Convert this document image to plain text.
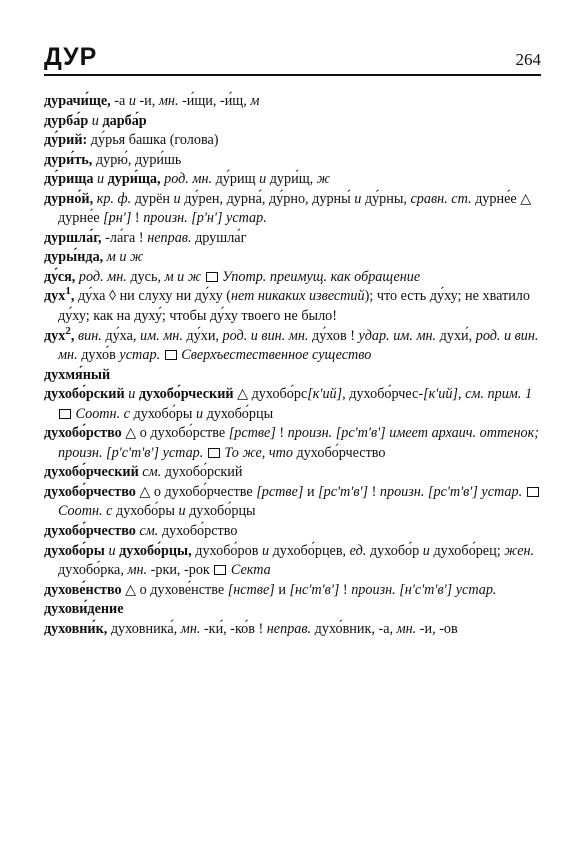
ДУР	264

дурачи́ще, -а и -и, мн. -и́щи, -и́щ, м

дурба́р и дарба́р

ду́рий: ду́рья башка (голова)

дури́ть, дурю́, дури́шь

ду́рища и дури́ща, род. мн. ду́рищ и дури́щ, ж

дурно́й, кр. ф. дурён и ду́рен, дурна́, ду́рно, дурны́ и ду́рны, сравн. ст. дурне́е △ дурне́е [рн'] ! произн. [р'н'] устар.

дуршла́г, -ла́га ! неправ. друшла́г

дуры́нда, м и ж

ду́ся, род. мн. дусь, м и ж Употр. преимущ. как обращение

дух$^1$, ду́ха ◊ ни слуху ни ду́ху (нет никаких известий); что есть ду́ху; не хватило ду́ху; как на духу́; чтобы ду́ху твоего не было!

дух$^2$, вин. ду́ха, им. мн. ду́хи, род. и вин. мн. ду́хов ! удар. им. мн. духи́, род. и вин. мн. духо́в устар. Сверхъестественное существо

духмя́ный

духобо́рский и духобо́рческий △ духобо́рс[к'ий], духобо́рчес-[к'ий], см. прим. 1  Соотн. с духобо́ры и духобо́рцы

духобо́рство △ о духобо́рстве [рстве] ! произн. [рс'т'в'] имеет архаич. оттенок; произн. [р'с'т'в'] устар. То же, что духобо́рчество

духобо́рческий см. духобо́рский

духобо́рчество △ о духобо́рчестве [рстве] и [рс'т'в'] ! произн. [рс'т'в'] устар.  Соотн. с духобо́ры и духобо́рцы

духобо́рчество см. духобо́рство

духобо́ры и духобо́рцы, духобо́ров и духобо́рцев, ед. духобо́р и духобо́рец; жен. духобо́рка, мн. -рки, -рок  Секта

духове́нство △ о духове́нстве [нстве] и [нс'т'в'] ! произн. [н'с'т'в'] устар.

духови́дение

духовни́к, духовника́, мн. -ки́, -ко́в ! неправ. духо́вник, -а, мн. -и, -ов
